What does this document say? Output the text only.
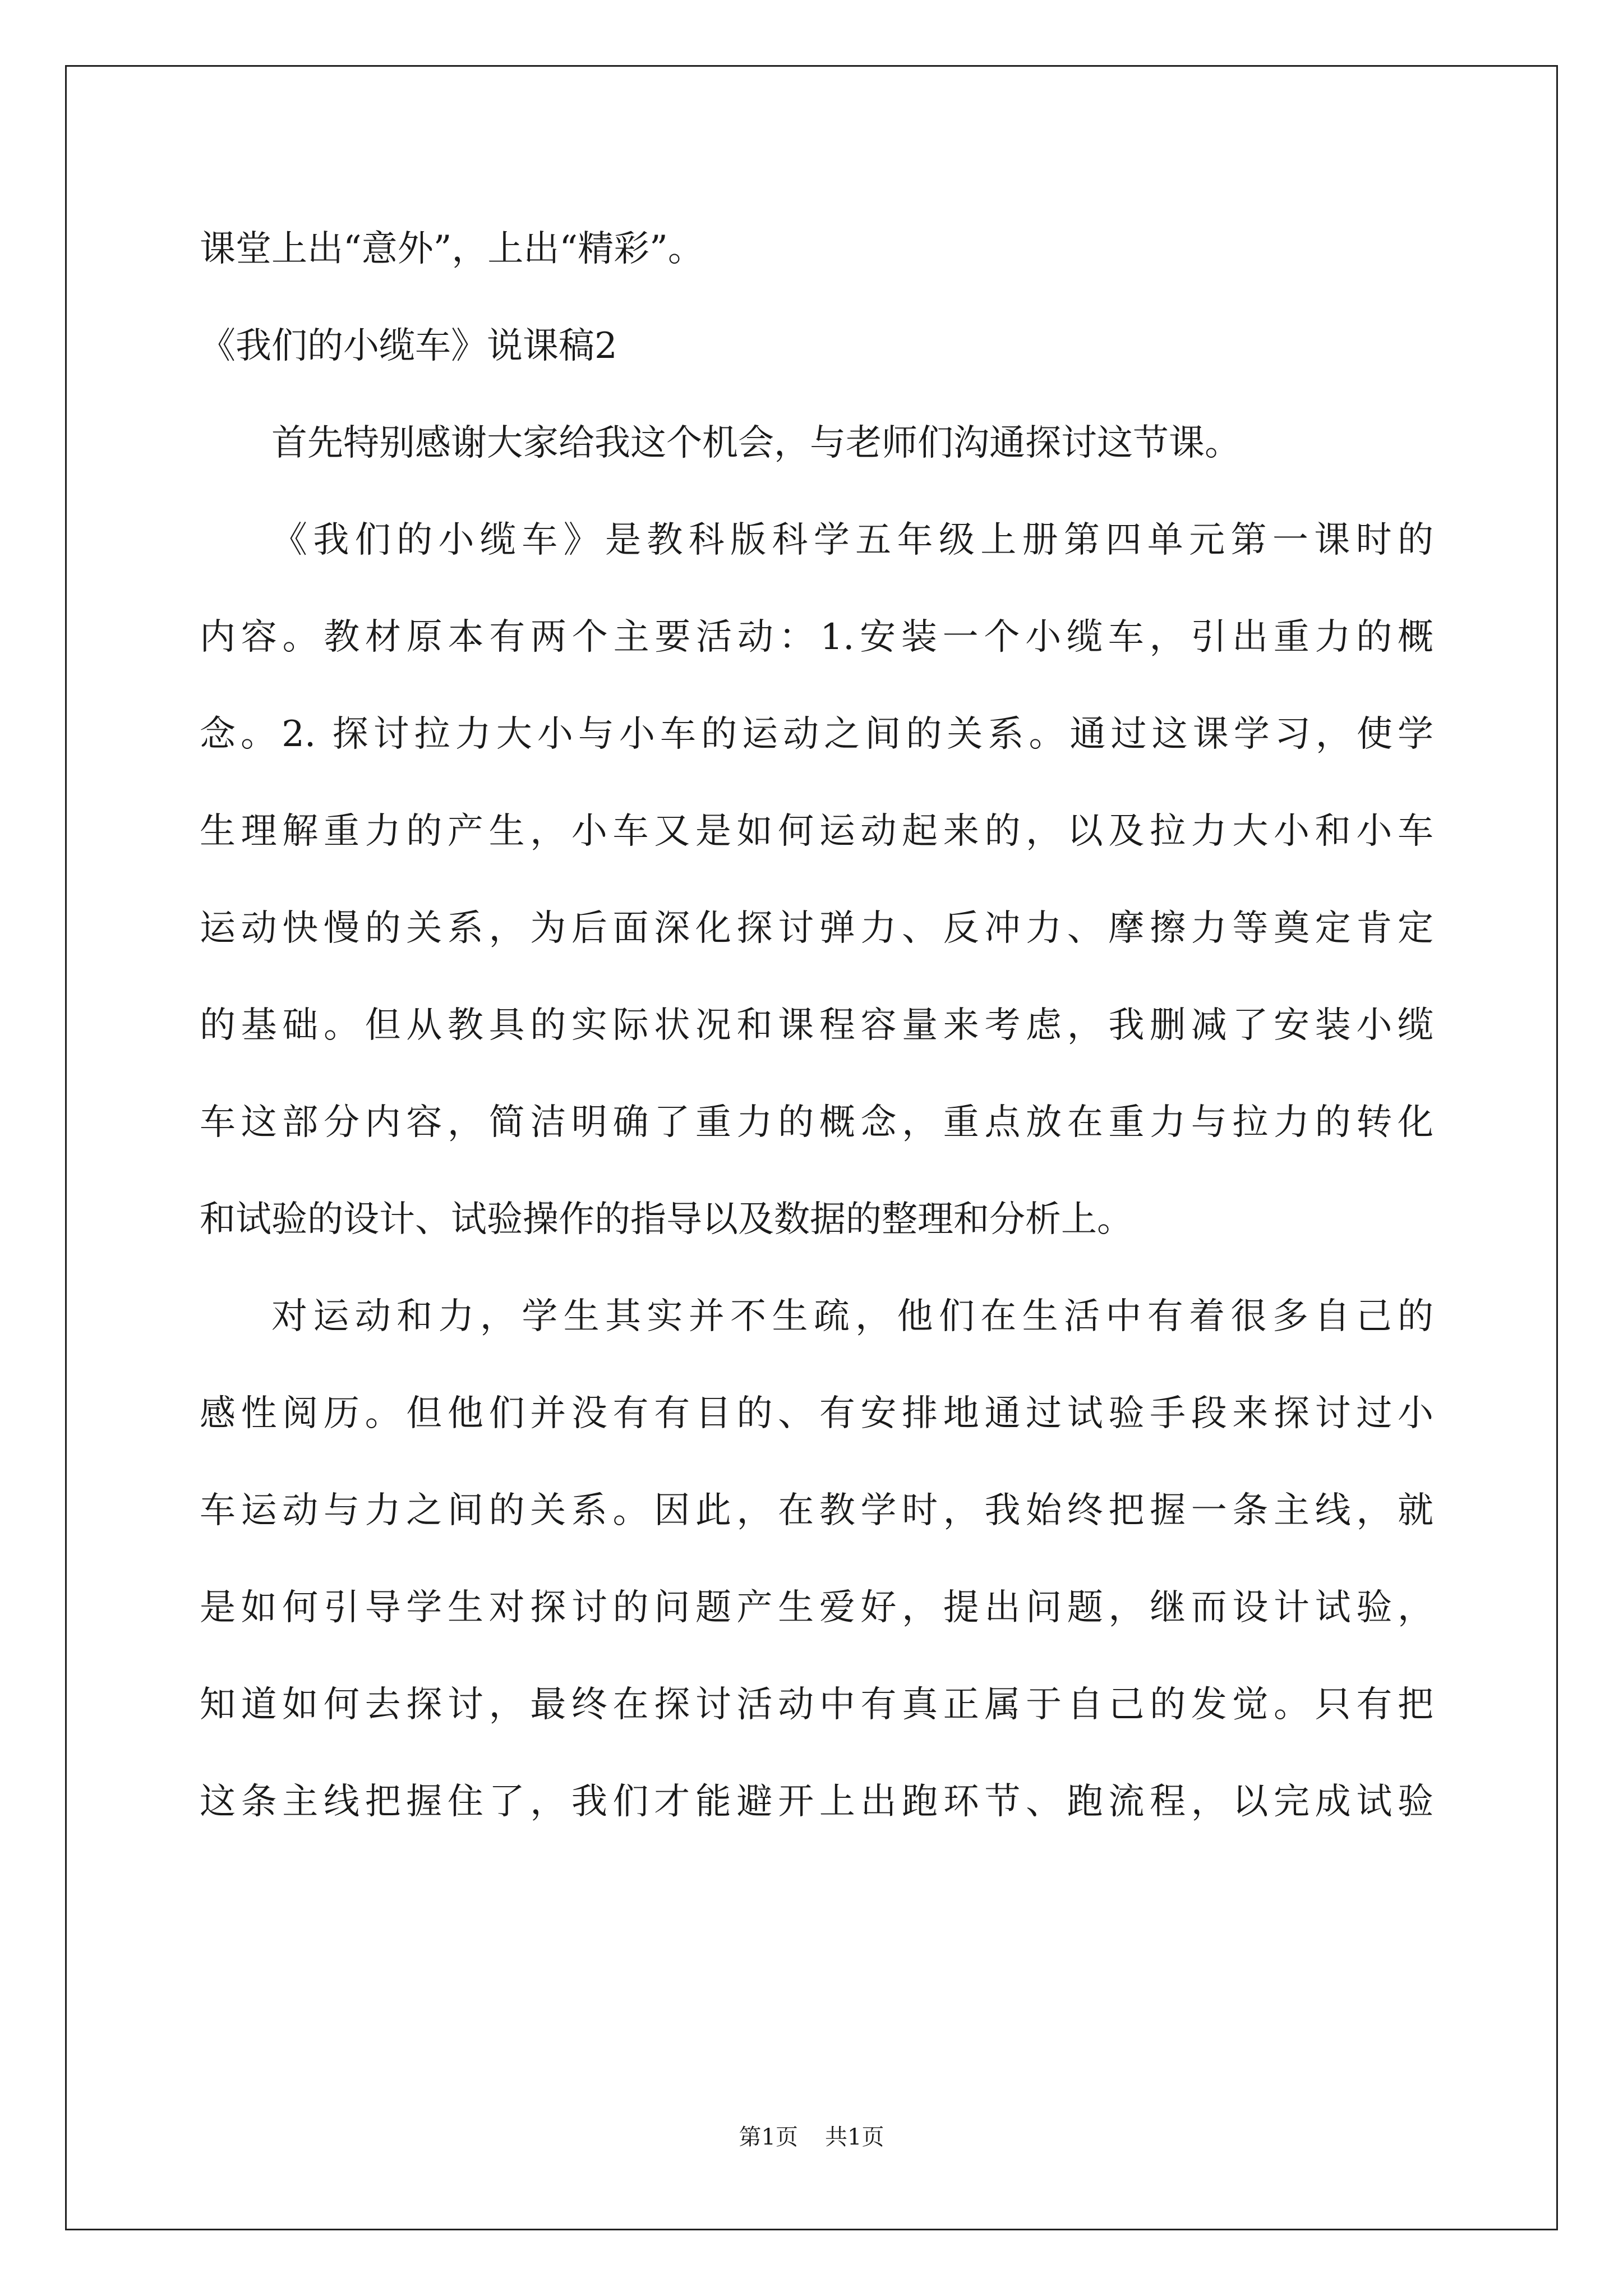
课堂上出“意外”，上出“精彩”。

《我们的小缆车》说课稿2

首先特别感谢大家给我这个机会，与老师们沟通探讨这节课。

《我们的小缆车》是教科版科学五年级上册第四单元第一课时的

内容。教材原本有两个主要活动：1.安装一个小缆车，引出重力的概

念。2. 探讨拉力大小与小车的运动之间的关系。通过这课学习，使学

生理解重力的产生，小车又是如何运动起来的，以及拉力大小和小车

运动快慢的关系，为后面深化探讨弹力、反冲力、摩擦力等奠定肯定

的基础。但从教具的实际状况和课程容量来考虑，我删减了安装小缆

车这部分内容，简洁明确了重力的概念，重点放在重力与拉力的转化

和试验的设计、试验操作的指导以及数据的整理和分析上。

对运动和力，学生其实并不生疏，他们在生活中有着很多自己的

感性阅历。但他们并没有有目的、有安排地通过试验手段来探讨过小

车运动与力之间的关系。因此，在教学时，我始终把握一条主线，就

是如何引导学生对探讨的问题产生爱好，提出问题，继而设计试验，

知道如何去探讨，最终在探讨活动中有真正属于自己的发觉。只有把

这条主线把握住了，我们才能避开上出跑环节、跑流程，以完成试验

第1页 共1页
